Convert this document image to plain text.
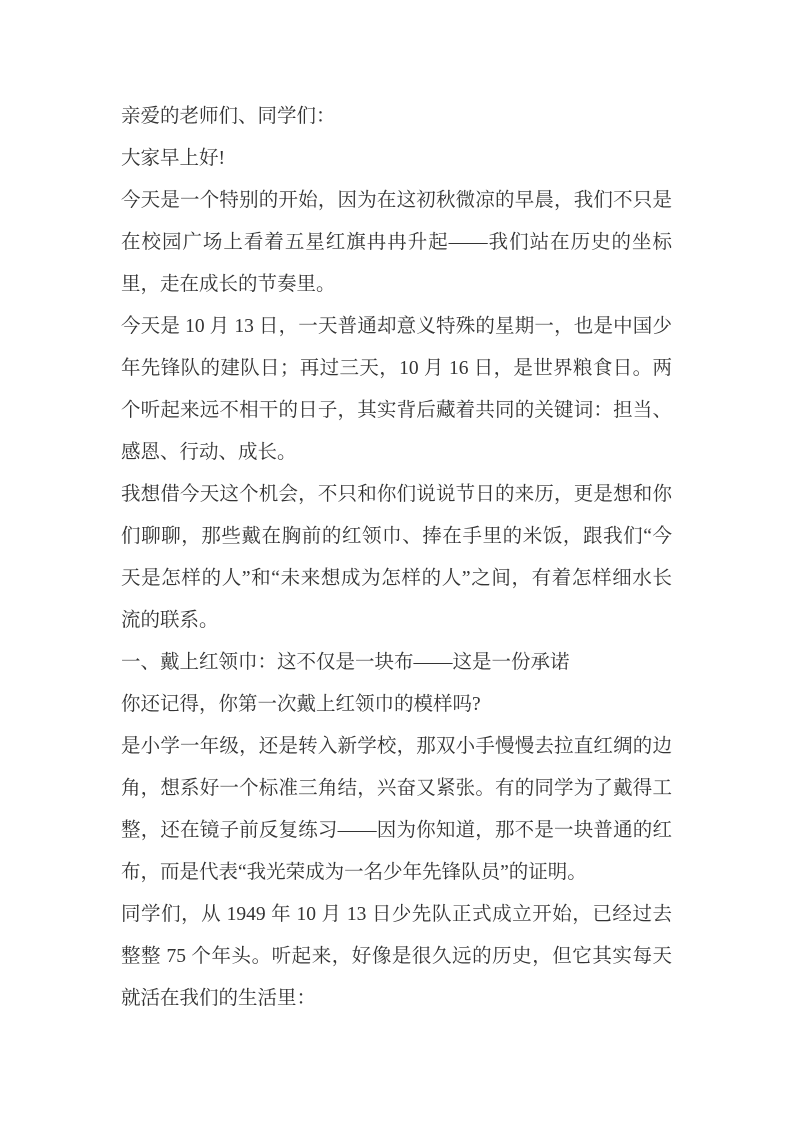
亲爱的老师们、同学们：
大家早上好!
今天是一个特别的开始，因为在这初秋微凉的早晨，我们不只是
在校园广场上看着五星红旗冉冉升起——我们站在历史的坐标
里，走在成长的节奏里。
今天是 10 月 13 日，一天普通却意义特殊的星期一，也是中国少
年先锋队的建队日；再过三天，10 月 16 日，是世界粮食日。两
个听起来远不相干的日子，其实背后藏着共同的关键词：担当、
感恩、行动、成长。
我想借今天这个机会，不只和你们说说节日的来历，更是想和你
们聊聊，那些戴在胸前的红领巾、捧在手里的米饭，跟我们“今
天是怎样的人”和“未来想成为怎样的人”之间，有着怎样细水长
流的联系。
一、戴上红领巾：这不仅是一块布——这是一份承诺
你还记得，你第一次戴上红领巾的模样吗?
是小学一年级，还是转入新学校，那双小手慢慢去拉直红绸的边
角，想系好一个标准三角结，兴奋又紧张。有的同学为了戴得工
整，还在镜子前反复练习——因为你知道，那不是一块普通的红
布，而是代表“我光荣成为一名少年先锋队员”的证明。
同学们，从 1949 年 10 月 13 日少先队正式成立开始，已经过去
整整 75 个年头。听起来，好像是很久远的历史，但它其实每天
就活在我们的生活里：
